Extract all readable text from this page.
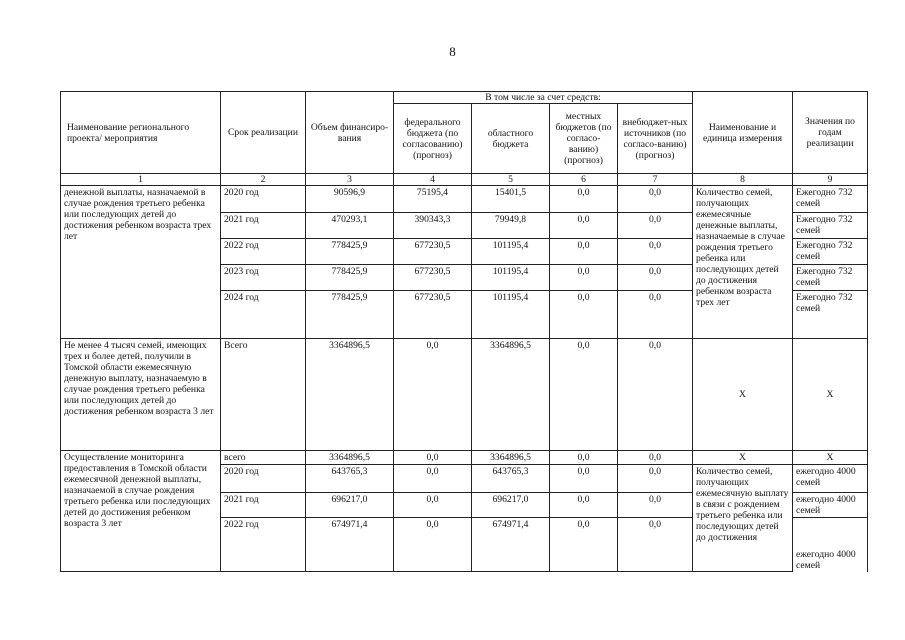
8
Наименование регионального проекта/ мероприятия	Срок реализации	Объем финансиро-вания	В том числе за счет средств:				Наименование и единица измерения	Значения по годам реализации
			федерального бюджета (по согласованию) (прогноз)	областного бюджета	местных бюджетов (по согласо-ванию) (прогноз)	внебюджет-ных источников (по согласо-ванию) (прогноз)		
1	2	3	4	5	6	7	8	9
денежной выплаты, назначаемой в случае рождения третьего ребенка или последующих детей до достижения ребенком возраста трех лет	2020 год	90596,9	75195,4	15401,5	0,0	0,0	Количество семей, получающих ежемесячные денежные выплаты, назначаемые в случае рождения третьего ребенка или последующих детей до достижения ребенком возраста трех лет	Ежегодно 732 семей
	2021 год	470293,1	390343,3	79949,8	0,0	0,0		Ежегодно 732 семей
	2022 год	778425,9	677230,5	101195,4	0,0	0,0		Ежегодно 732 семей
	2023 год	778425,9	677230,5	101195,4	0,0	0,0		Ежегодно 732 семей
	2024 год	778425,9	677230,5	101195,4	0,0	0,0		Ежегодно 732 семей

Не менее 4 тысяч семей, имеющих трех и более детей, получили в Томской области ежемесячную денежную выплату, назначаемую в случае рождения третьего ребенка или последующих детей до достижения ребенком возраста 3 лет	Всего	3364896,5	0,0	3364896,5	0,0	0,0	Х	Х
Осуществление мониторинга предоставления в Томской области ежемесячной денежной выплаты, назначаемой в случае рождения третьего ребенка или последующих детей до достижения ребенком возраста 3 лет	всего	3364896,5	0,0	3364896,5	0,0	0,0	Х	Х
	2020 год	643765,3	0,0	643765,3	0,0	0,0	Количество семей, получающих ежемесячную выплату в связи с рождением третьего ребенка или последующих детей до достижения	ежегодно 4000 семей
	2021 год	696217,0	0,0	696217,0	0,0	0,0		ежегодно 4000 семей
	2022 год	674971,4	0,0	674971,4	0,0	0,0		ежегодно 4000 семей
